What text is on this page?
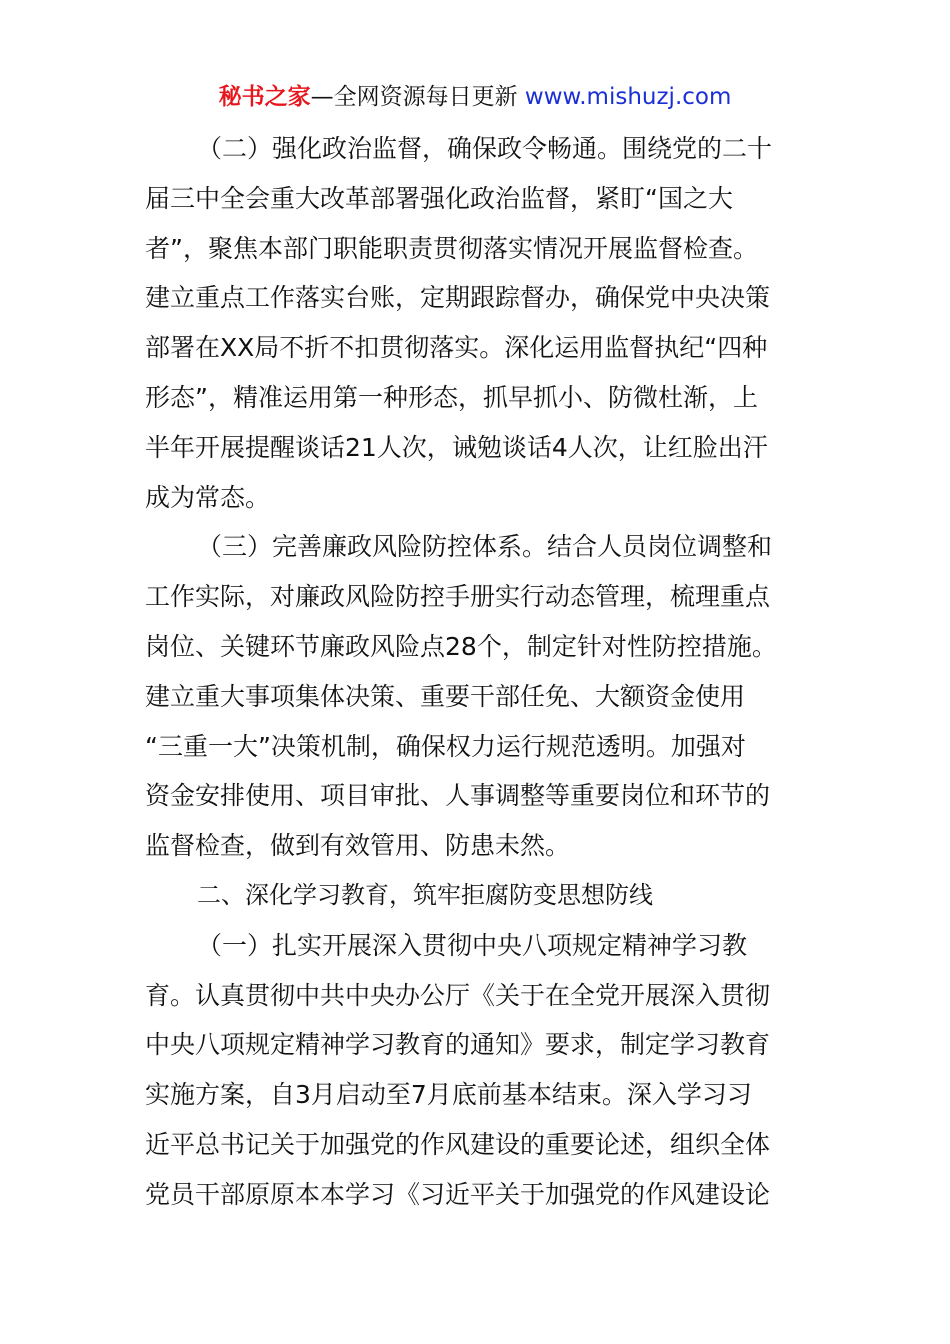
秘书之家—全网资源每日更新 www.mishuzj.com
（二）强化政治监督，确保政令畅通。围绕党的二十
届三中全会重大改革部署强化政治监督，紧盯“国之大
者”，聚焦本部门职能职责贯彻落实情况开展监督检查。
建立重点工作落实台账，定期跟踪督办，确保党中央决策
部署在XX局不折不扣贯彻落实。深化运用监督执纪“四种
形态”，精准运用第一种形态，抓早抓小、防微杜渐，上
半年开展提醒谈话21人次，诫勉谈话4人次，让红脸出汗
成为常态。
（三）完善廉政风险防控体系。结合人员岗位调整和
工作实际，对廉政风险防控手册实行动态管理，梳理重点
岗位、关键环节廉政风险点28个，制定针对性防控措施。
建立重大事项集体决策、重要干部任免、大额资金使用
“三重一大”决策机制，确保权力运行规范透明。加强对
资金安排使用、项目审批、人事调整等重要岗位和环节的
监督检查，做到有效管用、防患未然。
二、深化学习教育，筑牢拒腐防变思想防线
（一）扎实开展深入贯彻中央八项规定精神学习教
育。认真贯彻中共中央办公厅《关于在全党开展深入贯彻
中央八项规定精神学习教育的通知》要求，制定学习教育
实施方案，自3月启动至7月底前基本结束。深入学习习
近平总书记关于加强党的作风建设的重要论述，组织全体
党员干部原原本本学习《习近平关于加强党的作风建设论
